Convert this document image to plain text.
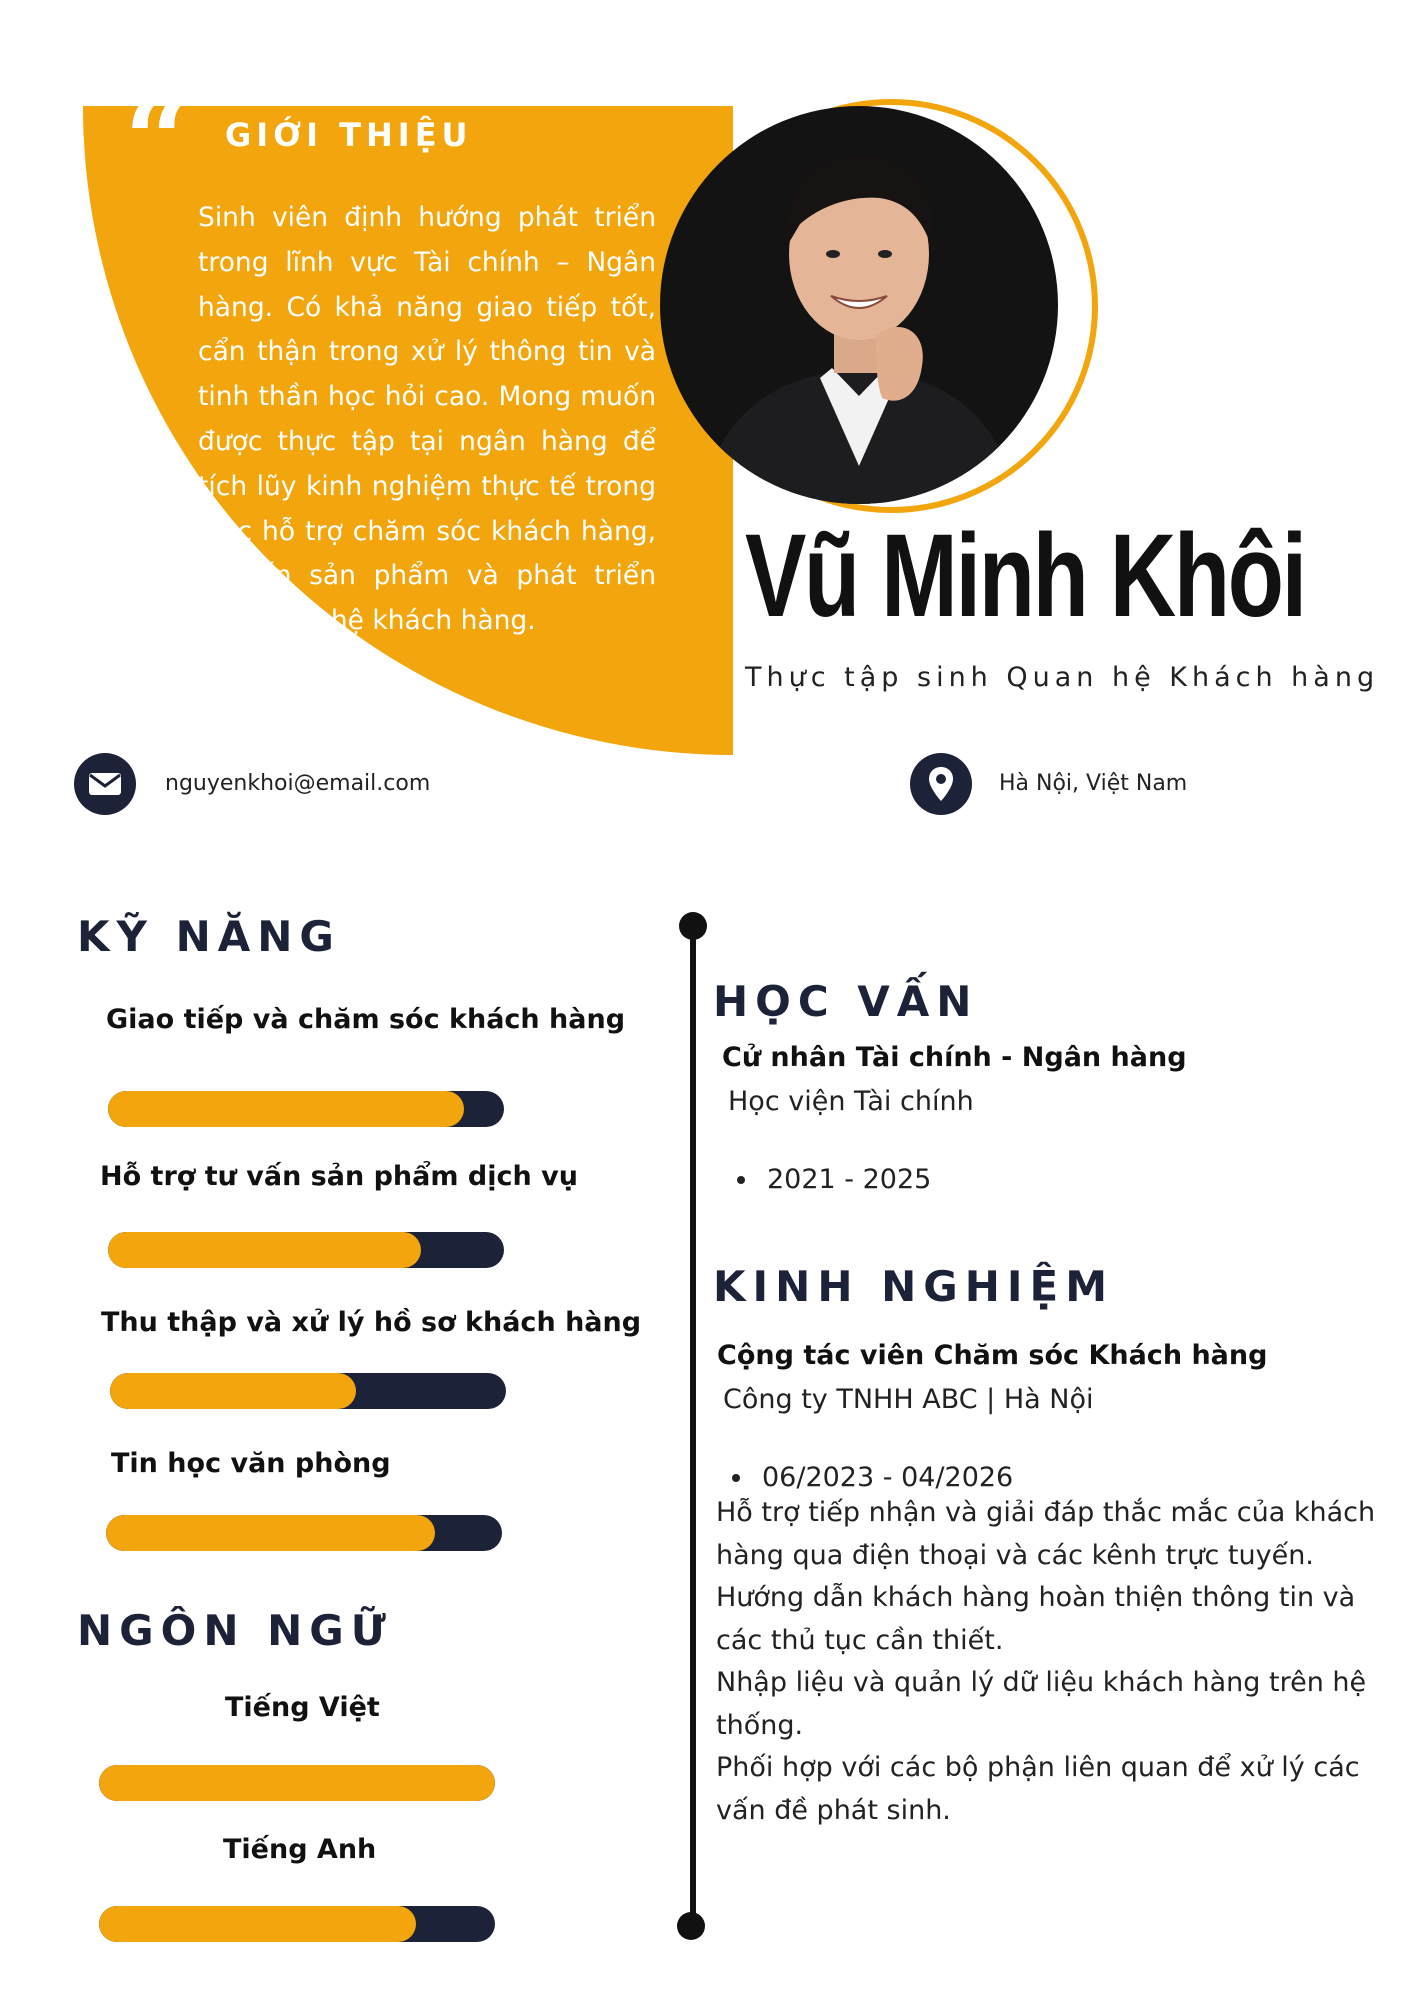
“ GIỚI THIỆU
Sinh viên định hướng phát triển trong lĩnh vực Tài chính – Ngân hàng. Có khả năng giao tiếp tốt, cẩn thận trong xử lý thông tin và tinh thần học hỏi cao. Mong muốn được thực tập tại ngân hàng để tích lũy kinh nghiệm thực tế trong việc hỗ trợ chăm sóc khách hàng, tư vấn sản phẩm và phát triển mối quan hệ khách hàng.	Vũ Minh Khôi
Thực tập sinh Quan hệ Khách hàng
nguyenkhoi@email.com	Hà Nội, Việt Nam
KỸ NĂNG
Giao tiếp và chăm sóc khách hàng
Hỗ trợ tư vấn sản phẩm dịch vụ
Thu thập và xử lý hồ sơ khách hàng
Tin học văn phòng
NGÔN NGỮ
Tiếng Việt
Tiếng Anh
HỌC VẤN
Cử nhân Tài chính - Ngân hàng
Học viện Tài chính
2021 - 2025
KINH NGHIỆM
Cộng tác viên Chăm sóc Khách hàng
Công ty TNHH ABC | Hà Nội
06/2023 - 04/2026
Hỗ trợ tiếp nhận và giải đáp thắc mắc của khách hàng qua điện thoại và các kênh trực tuyến.
Hướng dẫn khách hàng hoàn thiện thông tin và các thủ tục cần thiết.
Nhập liệu và quản lý dữ liệu khách hàng trên hệ thống.
Phối hợp với các bộ phận liên quan để xử lý các vấn đề phát sinh.
